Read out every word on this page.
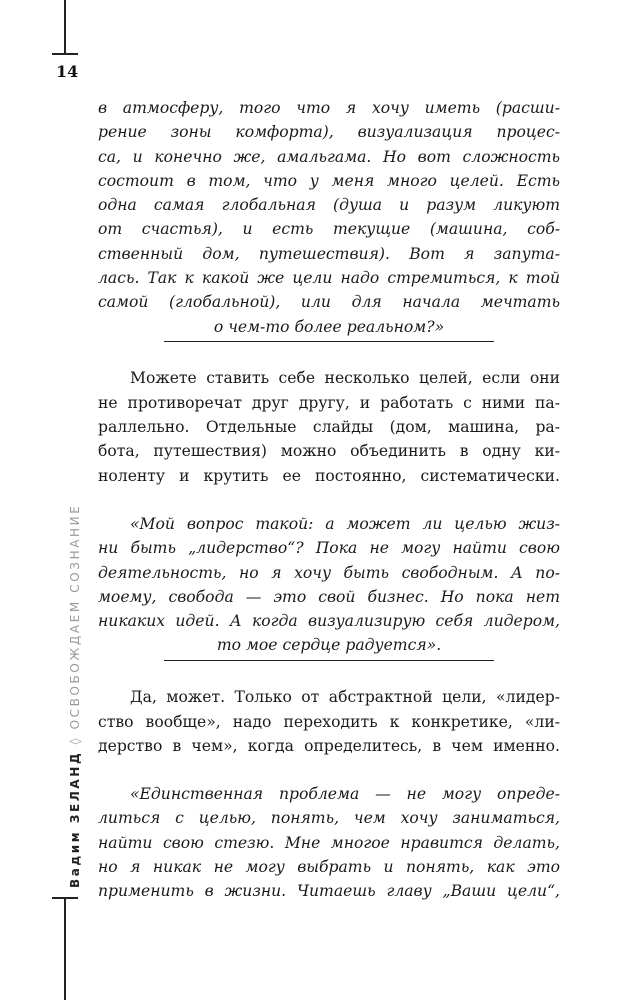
14
Вадим ЗЕЛАНД ◊ ОСВОБОЖДАЕМ СОЗНАНИЕ

в атмосферу, того что я хочу иметь (расши-

рение зоны комфорта), визуализация процес-

са, и конечно же, амальгама. Но вот сложность

состоит в том, что у меня много целей. Есть

одна самая глобальная (душа и разум ликуют

от счастья), и есть текущие (машина, соб-

ственный дом, путешествия). Вот я запута-

лась. Так к какой же цели надо стремиться, к той

самой (глобальной), или для начала мечтать

о чем-то более реальном?»

Можете ставить себе несколько целей, если они

не противоречат друг другу, и работать с ними па-

раллельно. Отдельные слайды (дом, машина, ра-

бота, путешествия) можно объединить в одну ки-

ноленту и крутить ее постоянно, систематически.

«Мой вопрос такой: а может ли целью жиз-

ни быть „лидерство“? Пока не могу найти свою

деятельность, но я хочу быть свободным. А по-

моему, свобода — это свой бизнес. Но пока нет

никаких идей. А когда визуализирую себя лидером,

то мое сердце радуется».

Да, может. Только от абстрактной цели, «лидер-

ство вообще», надо переходить к конкретике, «ли-

дерство в чем», когда определитесь, в чем именно.

«Единственная проблема — не могу опреде-

литься с целью, понять, чем хочу заниматься,

найти свою стезю. Мне многое нравится делать,

но я никак не могу выбрать и понять, как это

применить в жизни. Читаешь главу „Ваши цели“,
